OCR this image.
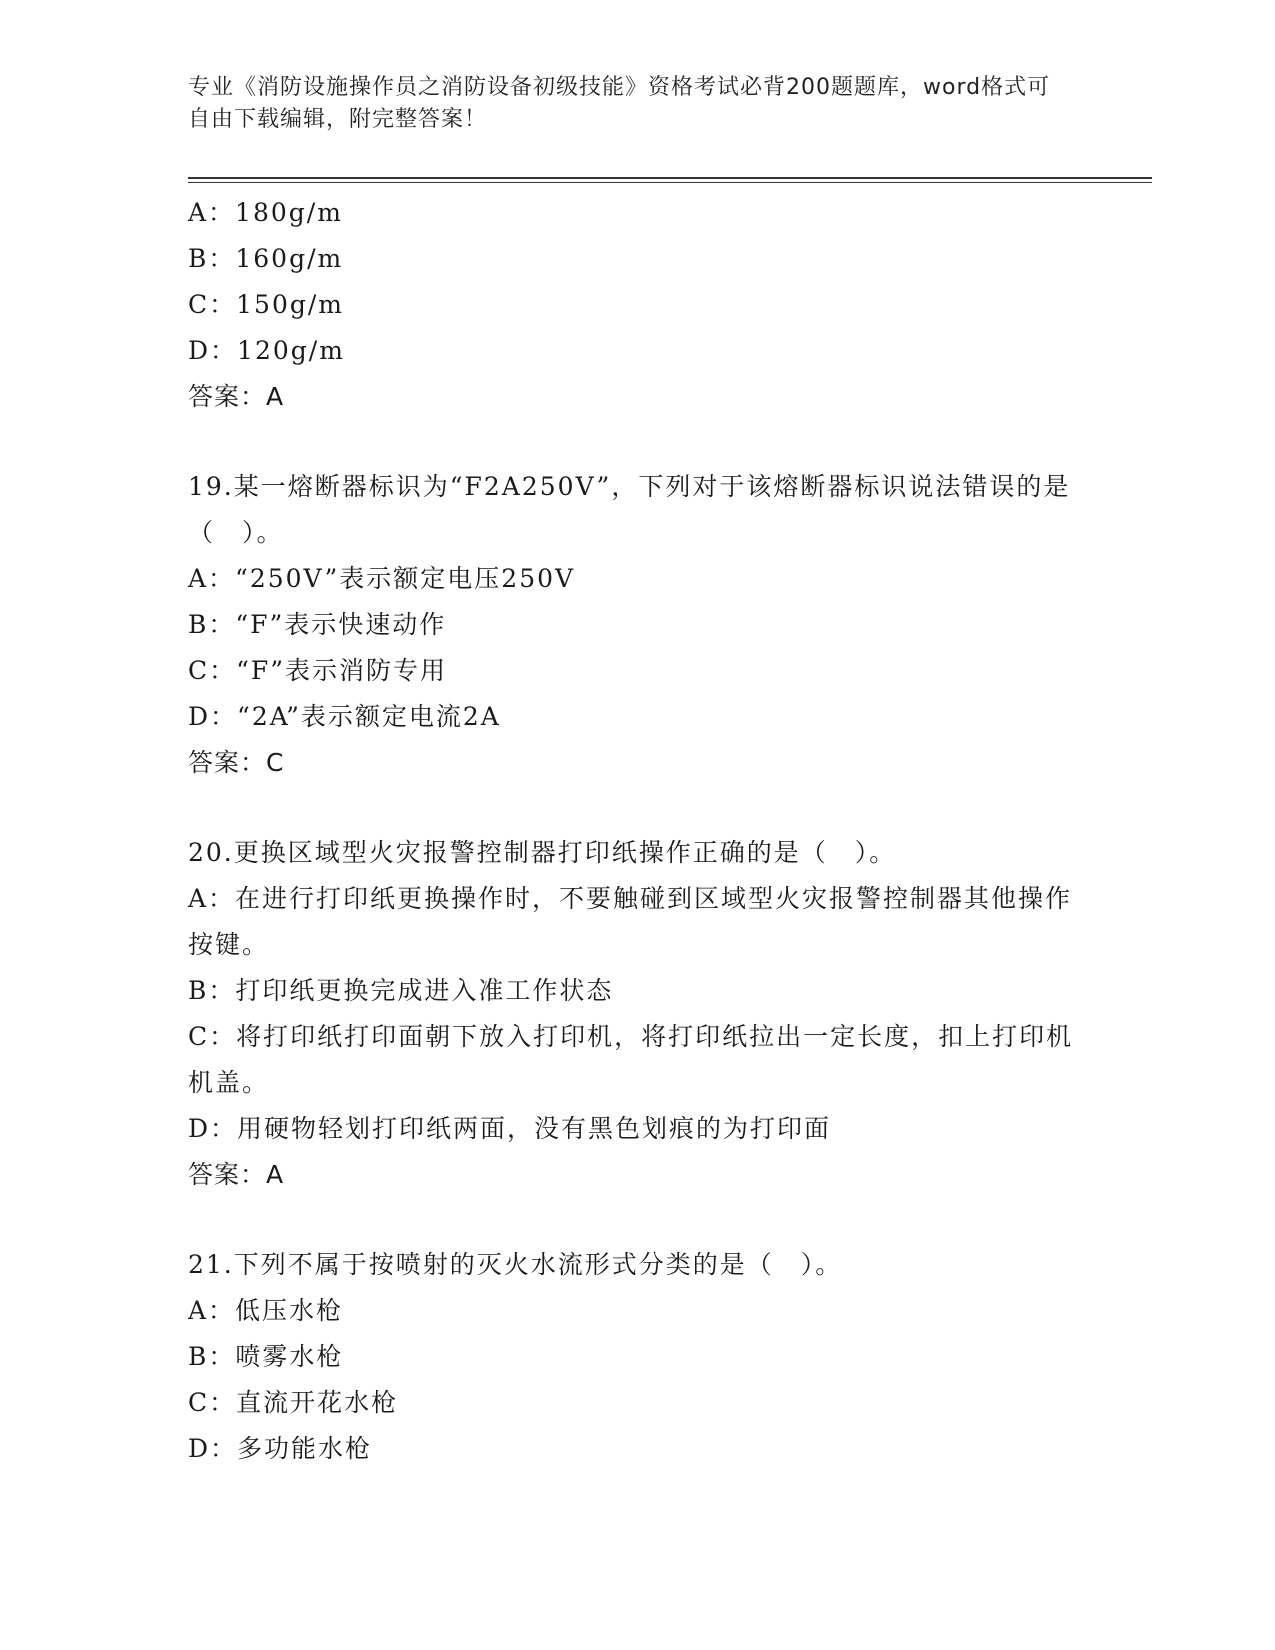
专业《消防设施操作员之消防设备初级技能》资格考试必背200题题库，word格式可自由下载编辑，附完整答案！
A：180g/m
B：160g/m
C：150g/m
D：120g/m
答案：A
19.某一熔断器标识为“F2A250V”，下列对于该熔断器标识说法错误的是（　）。
A：“250V”表示额定电压250V
B：“F”表示快速动作
C：“F”表示消防专用
D：“2A”表示额定电流2A
答案：C
20.更换区域型火灾报警控制器打印纸操作正确的是（　）。
A：在进行打印纸更换操作时，不要触碰到区域型火灾报警控制器其他操作按键。
B：打印纸更换完成进入准工作状态
C：将打印纸打印面朝下放入打印机，将打印纸拉出一定长度，扣上打印机机盖。
D：用硬物轻划打印纸两面，没有黑色划痕的为打印面
答案：A
21.下列不属于按喷射的灭火水流形式分类的是（　）。
A：低压水枪
B：喷雾水枪
C：直流开花水枪
D：多功能水枪
